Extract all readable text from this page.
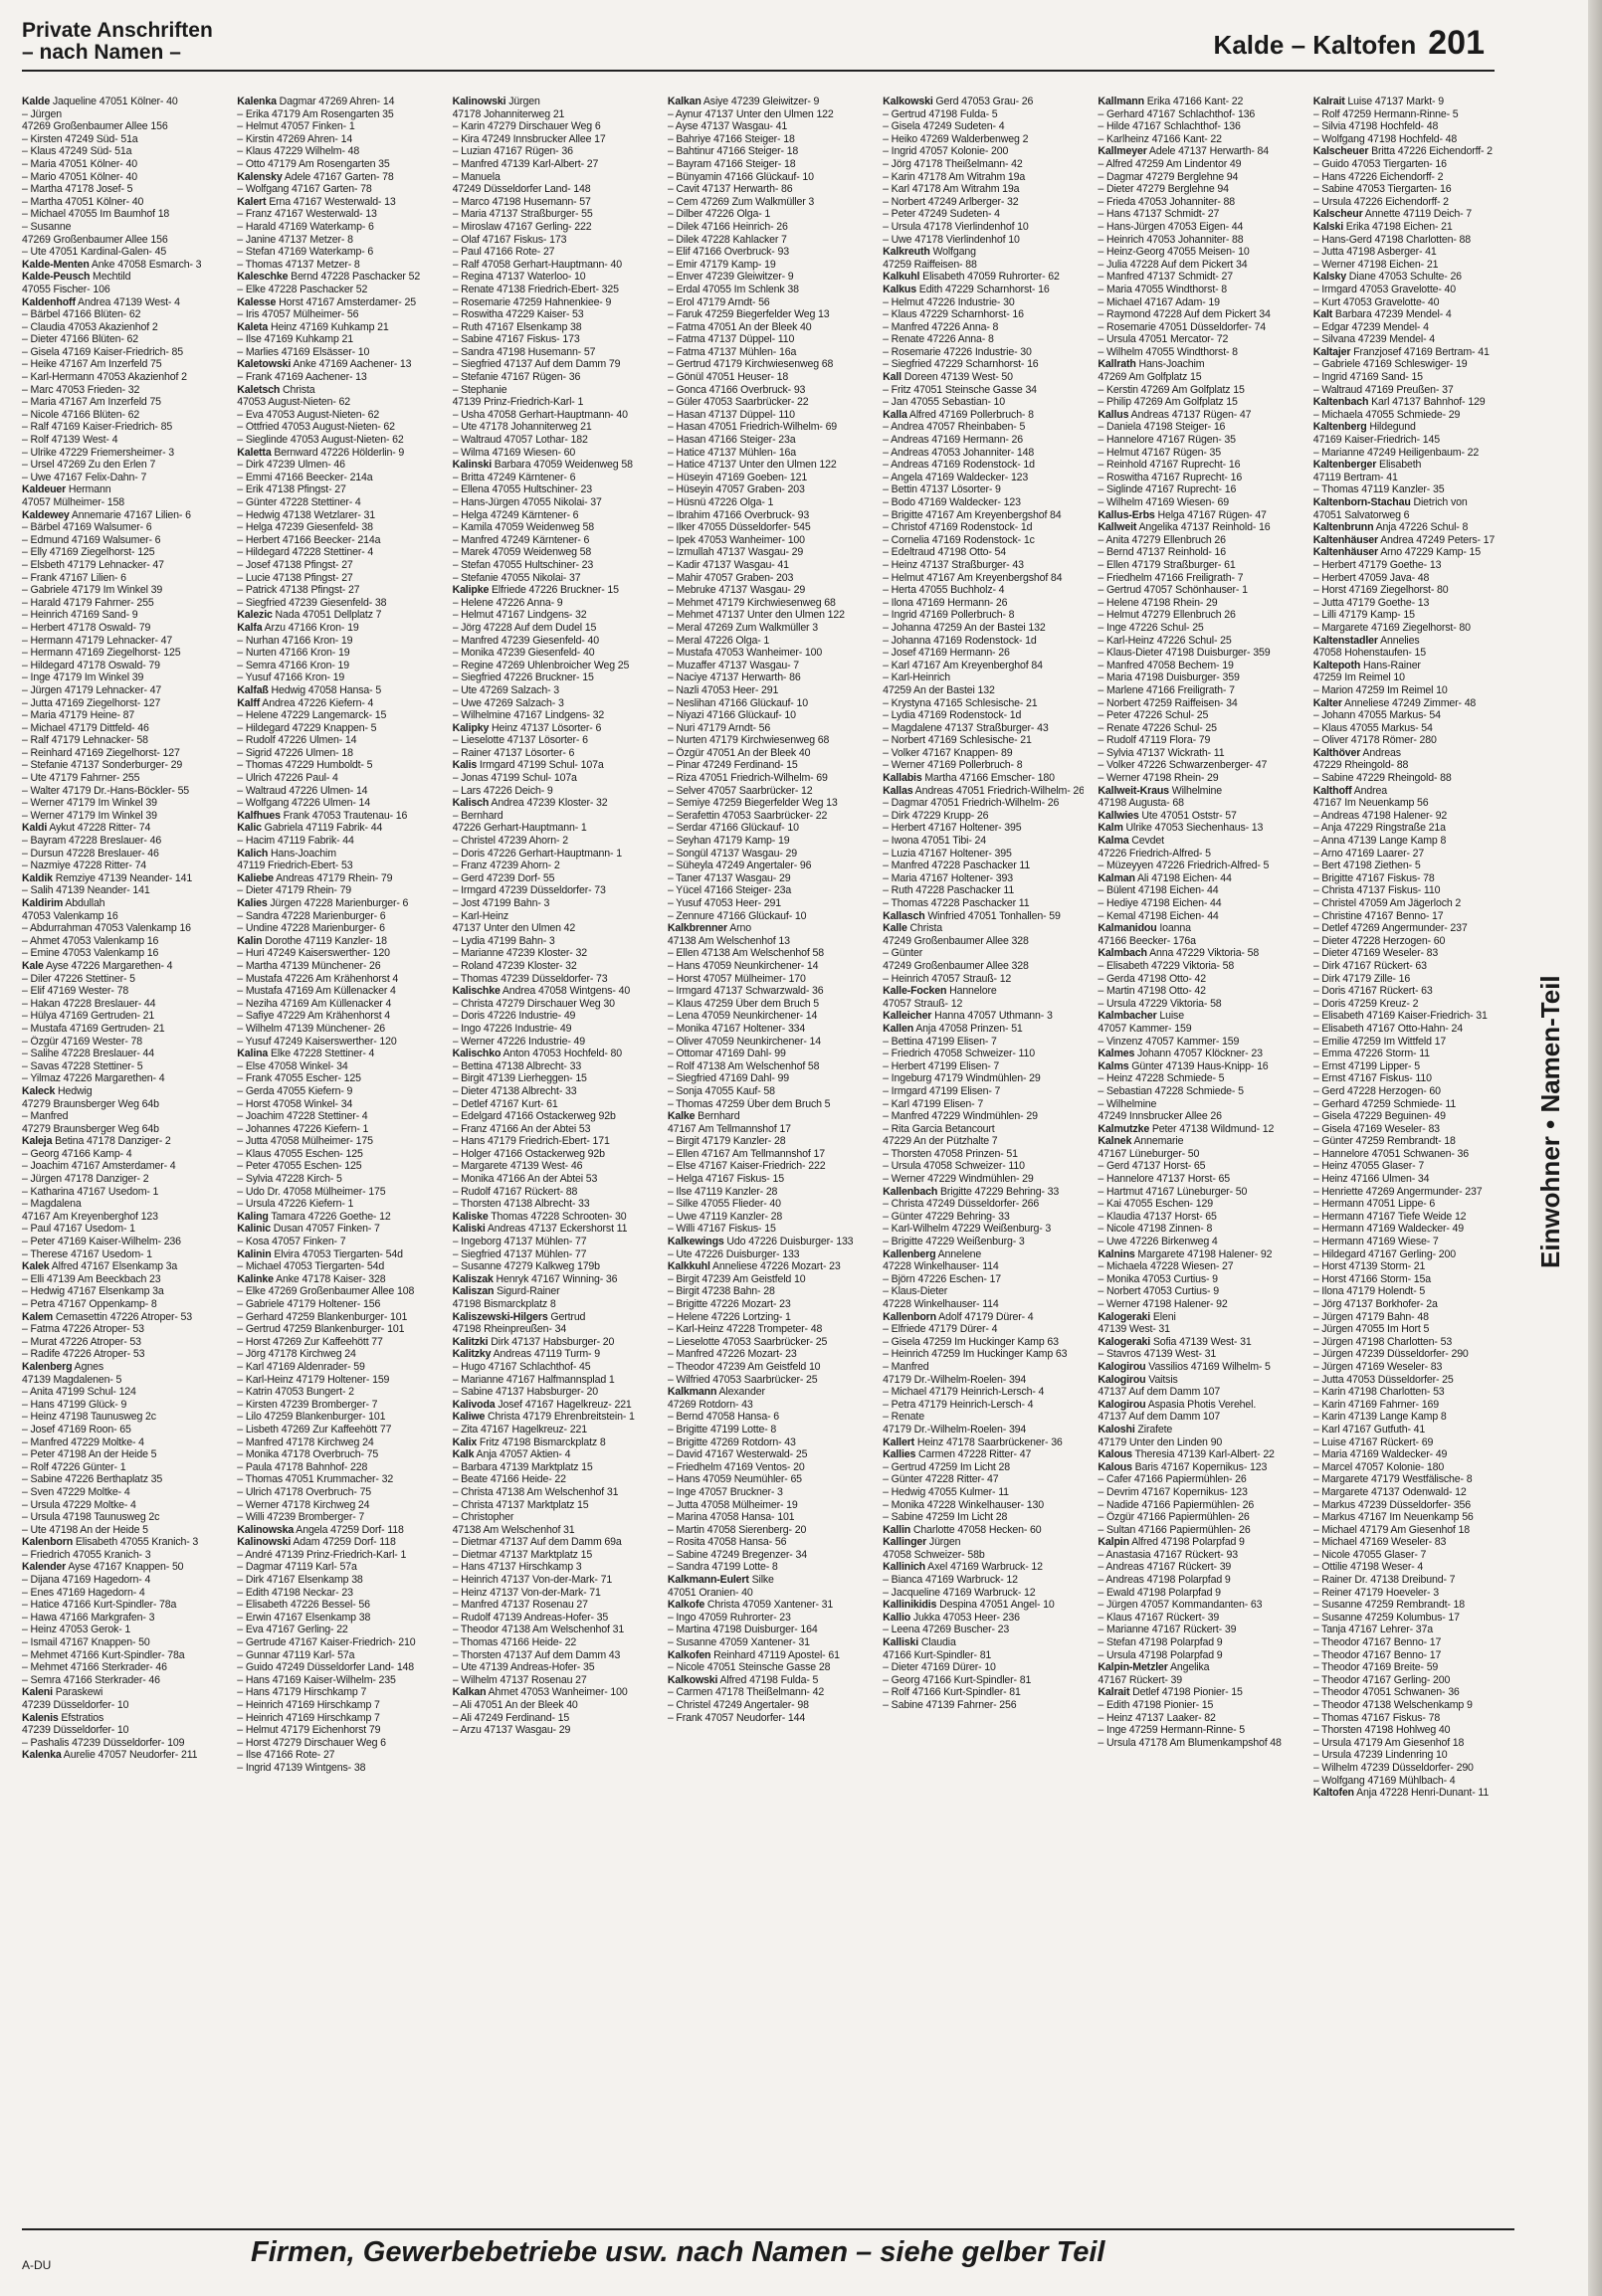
Private Anschriften
– nach Namen –	Kalde – Kaltofen 201
Kalde Jaqueline 47051 Kölner- 40
– Jürgen
47269 Großenbaumer Allee 156
– Kirsten 47249 Süd- 51a
– Klaus 47249 Süd- 51a
– Maria 47051 Kölner- 40
– Mario 47051 Kölner- 40
– Martha 47178 Josef- 5
– Martha 47051 Kölner- 40
– Michael 47055 Im Baumhof 18
– Susanne
47269 Großenbaumer Allee 156
– Ute 47051 Kardinal-Galen- 45
Kalde-Menten Anke 47058 Esmarch- 3
Kalde-Peusch Mechtild
47055 Fischer- 106
Kaldenhoff Andrea 47139 West- 4
– Bärbel 47166 Blüten- 62
– Claudia 47053 Akazienhof 2
– Dieter 47166 Blüten- 62
– Gisela 47169 Kaiser-Friedrich- 85
– Heike 47167 Am Inzerfeld 75
– Karl-Hermann 47053 Akazienhof 2
– Marc 47053 Frieden- 32
– Maria 47167 Am Inzerfeld 75
– Nicole 47166 Blüten- 62
– Ralf 47169 Kaiser-Friedrich- 85
– Rolf 47139 West- 4
– Ulrike 47229 Friemersheimer- 3
– Ursel 47269 Zu den Erlen 7
– Uwe 47167 Felix-Dahn- 7
Kaldeuer Hermann
47057 Mülheimer- 158
Kaldewey Annemarie 47167 Lilien- 6
– Bärbel 47169 Walsumer- 6
– Edmund 47169 Walsumer- 6
– Elly 47169 Ziegelhorst- 125
– Elsbeth 47179 Lehnacker- 47
– Frank 47167 Lilien- 6
– Gabriele 47179 Im Winkel 39
– Harald 47179 Fahrner- 255
– Heinrich 47169 Sand- 9
– Herbert 47178 Oswald- 79
– Hermann 47179 Lehnacker- 47
– Hermann 47169 Ziegelhorst- 125
– Hildegard 47178 Oswald- 79
– Inge 47179 Im Winkel 39
– Jürgen 47179 Lehnacker- 47
– Jutta 47169 Ziegelhorst- 127
– Maria 47179 Heine- 87
– Michael 47179 Dittfeld- 46
– Ralf 47179 Lehnacker- 58
– Reinhard 47169 Ziegelhorst- 127
– Stefanie 47137 Sonderburger- 29
– Ute 47179 Fahrner- 255
– Walter 47179 Dr.-Hans-Böckler- 55
– Werner 47179 Im Winkel 39
– Werner 47179 Im Winkel 39
Kaldi Aykut 47228 Ritter- 74
– Bayram 47228 Breslauer- 46
– Dursun 47228 Breslauer- 46
– Nazmiye 47228 Ritter- 74
Kaldik Remziye 47139 Neander- 141
– Salih 47139 Neander- 141
Kaldirim Abdullah
47053 Valenkamp 16
– Abdurrahman 47053 Valenkamp 16
– Ahmet 47053 Valenkamp 16
– Emine 47053 Valenkamp 16
Kale Ayse 47226 Margarethen- 4
– Diler 47226 Stettiner- 5
– Elif 47169 Wester- 78
– Hakan 47228 Breslauer- 44
– Hülya 47169 Gertruden- 21
– Mustafa 47169 Gertruden- 21
– Özgür 47169 Wester- 78
– Salihe 47228 Breslauer- 44
– Savas 47228 Stettiner- 5
– Yilmaz 47226 Margarethen- 4
Kaleck Hedwig
47279 Braunsberger Weg 64b
– Manfred
47279 Braunsberger Weg 64b
Kaleja Betina 47178 Danziger- 2
– Georg 47166 Kamp- 4
– Joachim 47167 Amsterdamer- 4
– Jürgen 47178 Danziger- 2
– Katharina 47167 Usedom- 1
– Magdalena
47167 Am Kreyenberghof 123
– Paul 47167 Usedom- 1
– Peter 47169 Kaiser-Wilhelm- 236
– Therese 47167 Usedom- 1
Kalek Alfred 47167 Elsenkamp 3a
– Elli 47139 Am Beeckbach 23
– Hedwig 47167 Elsenkamp 3a
– Petra 47167 Oppenkamp- 8
Kalem Cemasettin 47226 Atroper- 53
– Fatma 47226 Atroper- 53
– Murat 47226 Atroper- 53
– Radife 47226 Atroper- 53
Kalenberg Agnes
47139 Magdalenen- 5
– Anita 47199 Schul- 124
– Hans 47199 Glück- 9
– Heinz 47198 Taunusweg 2c
– Josef 47169 Roon- 65
– Manfred 47229 Moltke- 4
– Peter 47198 An der Heide 5
– Rolf 47226 Günter- 1
– Sabine 47226 Berthaplatz 35
– Sven 47229 Moltke- 4
– Ursula 47229 Moltke- 4
– Ursula 47198 Taunusweg 2c
– Ute 47198 An der Heide 5
Kalenborn Elisabeth 47055 Kranich- 3
– Friedrich 47055 Kranich- 3
Kalender Ayse 47167 Knappen- 50
– Dijana 47169 Hagedorn- 4
– Enes 47169 Hagedorn- 4
– Hatice 47166 Kurt-Spindler- 78a
– Hawa 47166 Markgrafen- 3
– Heinz 47053 Gerok- 1
– Ismail 47167 Knappen- 50
– Mehmet 47166 Kurt-Spindler- 78a
– Mehmet 47166 Sterkrader- 46
– Semra 47166 Sterkrader- 46
Kaleni Paraskewi
47239 Düsseldorfer- 10
Kalenis Efstratios
47239 Düsseldorfer- 10
– Pashalis 47239 Düsseldorfer- 109
Kalenka Aurelie 47057 Neudorfer- 211
Kalenka Dagmar 47269 Ahren- 14
– Erika 47179 Am Rosengarten 35
– Helmut 47057 Finken- 1
– Kirstin 47269 Ahren- 14
– Klaus 47229 Wilhelm- 48
– Otto 47179 Am Rosengarten 35
Kalensky Adele 47167 Garten- 78
– Wolfgang 47167 Garten- 78
Kalert Erna 47167 Westerwald- 13
– Franz 47167 Westerwald- 13
– Harald 47169 Waterkamp- 6
– Janine 47137 Metzer- 8
– Stefan 47169 Waterkamp- 6
– Thomas 47137 Metzer- 8
Kaleschke Bernd 47228 Paschacker 52
– Elke 47228 Paschacker 52
Kalesse Horst 47167 Amsterdamer- 25
– Iris 47057 Mülheimer- 56
Kaleta Heinz 47169 Kuhkamp 21
– Ilse 47169 Kuhkamp 21
– Marlies 47169 Elsässer- 10
Kaletowski Anke 47169 Aachener- 13
– Frank 47169 Aachener- 13
Kaletsch Christa
47053 August-Nieten- 62
– Eva 47053 August-Nieten- 62
– Ottfried 47053 August-Nieten- 62
– Sieglinde 47053 August-Nieten- 62
Kaletta Bernward 47226 Hölderlin- 9
– Dirk 47239 Ulmen- 46
– Emmi 47166 Beecker- 214a
– Erik 47138 Pfingst- 27
– Günter 47228 Stettiner- 4
– Hedwig 47138 Wetzlarer- 31
– Helga 47239 Giesenfeld- 38
– Herbert 47166 Beecker- 214a
– Hildegard 47228 Stettiner- 4
– Josef 47138 Pfingst- 27
– Lucie 47138 Pfingst- 27
– Patrick 47138 Pfingst- 27
– Siegfried 47239 Giesenfeld- 38
Kalezic Nada 47051 Dellplatz 7
Kalfa Arzu 47166 Kron- 19
– Nurhan 47166 Kron- 19
– Nurten 47166 Kron- 19
– Semra 47166 Kron- 19
– Yusuf 47166 Kron- 19
Kalfaß Hedwig 47058 Hansa- 5
Kalff Andrea 47226 Kiefern- 4
– Helene 47229 Langemarck- 15
– Hildegard 47229 Knappen- 5
– Rudolf 47226 Ulmen- 14
– Sigrid 47226 Ulmen- 18
– Thomas 47229 Humboldt- 5
– Ulrich 47226 Paul- 4
– Waltraud 47226 Ulmen- 14
– Wolfgang 47226 Ulmen- 14
Kalfhues Frank 47053 Trautenau- 16
Kalic Gabriela 47119 Fabrik- 44
– Hacim 47119 Fabrik- 44
Kalich Hans-Joachim
47119 Friedrich-Ebert- 53
Kaliebe Andreas 47179 Rhein- 79
– Dieter 47179 Rhein- 79
Kalies Jürgen 47228 Marienburger- 6
– Sandra 47228 Marienburger- 6
– Undine 47228 Marienburger- 6
Kalin Dorothe 47119 Kanzler- 18
– Huri 47249 Kaiserswerther- 120
– Martha 47139 Münchener- 26
– Mustafa 47226 Am Krähenhorst 4
– Mustafa 47169 Am Küllenacker 4
– Neziha 47169 Am Küllenacker 4
– Safiye 47229 Am Krähenhorst 4
– Wilhelm 47139 Münchener- 26
– Yusuf 47249 Kaiserswerther- 120
Kalina Elke 47228 Stettiner- 4
– Else 47058 Winkel- 34
– Frank 47055 Escher- 125
– Gerda 47055 Kiefern- 9
– Horst 47058 Winkel- 34
– Joachim 47228 Stettiner- 4
– Johannes 47226 Kiefern- 1
– Jutta 47058 Mülheimer- 175
– Klaus 47055 Eschen- 125
– Peter 47055 Eschen- 125
– Sylvia 47228 Kirch- 5
– Udo Dr. 47058 Mülheimer- 175
– Ursula 47226 Kiefern- 1
Kaling Tamara 47226 Goethe- 12
Kalinic Dusan 47057 Finken- 7
– Kosa 47057 Finken- 7
Kalinin Elvira 47053 Tiergarten- 54d
– Michael 47053 Tiergarten- 54d
Kalinke Anke 47178 Kaiser- 328
– Elke 47269 Großenbaumer Allee 108
– Gabriele 47179 Holtener- 156
– Gerhard 47259 Blankenburger- 101
– Gertrud 47259 Blankenburger- 101
– Horst 47269 Zur Kaffeehött 77
– Jörg 47178 Kirchweg 24
– Karl 47169 Aldenrader- 59
– Karl-Heinz 47179 Holtener- 159
– Katrin 47053 Bungert- 2
– Kirsten 47239 Bromberger- 7
– Lilo 47259 Blankenburger- 101
– Lisbeth 47269 Zur Kaffeehött 77
– Manfred 47178 Kirchweg 24
– Monika 47178 Overbruch- 75
– Paula 47178 Bahnhof- 228
– Thomas 47051 Krummacher- 32
– Ulrich 47178 Overbruch- 75
– Werner 47178 Kirchweg 24
– Willi 47239 Bromberger- 7
Kalinowska Angela 47259 Dorf- 118
Kalinowski Adam 47259 Dorf- 118
– André 47139 Prinz-Friedrich-Karl- 1
– Dagmar 47119 Karl- 57a
– Dirk 47167 Elsenkamp 38
– Edith 47198 Neckar- 23
– Elisabeth 47226 Bessel- 56
– Erwin 47167 Elsenkamp 38
– Eva 47167 Gerling- 22
– Gertrude 47167 Kaiser-Friedrich- 210
– Gunnar 47119 Karl- 57a
– Guido 47249 Düsseldorfer Land- 148
– Hans 47169 Kaiser-Wilhelm- 235
– Hans 47179 Hirschkamp 7
– Heinrich 47169 Hirschkamp 7
– Heinrich 47169 Hirschkamp 7
– Helmut 47179 Eichenhorst 79
– Horst 47279 Dirschauer Weg 6
– Ilse 47166 Rote- 27
– Ingrid 47139 Wintgens- 38
Kalinowski Jürgen
47178 Johanniterweg 21
– Karin 47279 Dirschauer Weg 6
– Kira 47249 Innsbrucker Allee 17
– Luzian 47167 Rügen- 36
– Manfred 47139 Karl-Albert- 27
– Manuela
47249 Düsseldorfer Land- 148
– Marco 47198 Husemann- 57
– Maria 47137 Straßburger- 55
– Miroslaw 47167 Gerling- 222
– Olaf 47167 Fiskus- 173
– Paul 47166 Rote- 27
– Ralf 47058 Gerhart-Hauptmann- 40
– Regina 47137 Waterloo- 10
– Renate 47138 Friedrich-Ebert- 325
– Rosemarie 47259 Hahnenkiee- 9
– Roswitha 47229 Kaiser- 53
– Ruth 47167 Elsenkamp 38
– Sabine 47167 Fiskus- 173
– Sandra 47198 Husemann- 57
– Siegfried 47137 Auf dem Damm 79
– Stefanie 47167 Rügen- 36
– Stephanie
47139 Prinz-Friedrich-Karl- 1
– Usha 47058 Gerhart-Hauptmann- 40
– Ute 47178 Johanniterweg 21
– Waltraud 47057 Lothar- 182
– Wilma 47169 Wiesen- 60
Kalinski Barbara 47059 Weidenweg 58
– Britta 47249 Kärntener- 6
– Ellena 47055 Hultschiner- 23
– Hans-Jürgen 47055 Nikolai- 37
– Helga 47249 Kärntener- 6
– Kamila 47059 Weidenweg 58
– Manfred 47249 Kärntener- 6
– Marek 47059 Weidenweg 58
– Stefan 47055 Hultschiner- 23
– Stefanie 47055 Nikolai- 37
Kalipke Elfriede 47226 Bruckner- 15
– Helene 47226 Anna- 9
– Helmut 47167 Lindgens- 32
– Jörg 47228 Auf dem Dudel 15
– Manfred 47239 Giesenfeld- 40
– Monika 47239 Giesenfeld- 40
– Regine 47269 Uhlenbroicher Weg 25
– Siegfried 47226 Bruckner- 15
– Ute 47269 Salzach- 3
– Uwe 47269 Salzach- 3
– Wilhelmine 47167 Lindgens- 32
Kalipky Heinz 47137 Lösorter- 6
– Lieselotte 47137 Lösorter- 6
– Rainer 47137 Lösorter- 6
Kalis Irmgard 47199 Schul- 107a
– Jonas 47199 Schul- 107a
– Lars 47226 Deich- 9
Kalisch Andrea 47239 Kloster- 32
– Bernhard
47226 Gerhart-Hauptmann- 1
– Christel 47239 Ahorn- 2
– Doris 47226 Gerhart-Hauptmann- 1
– Franz 47239 Ahorn- 2
– Gerd 47239 Dorf- 55
– Irmgard 47239 Düsseldorfer- 73
– Jost 47199 Bahn- 3
– Karl-Heinz
47137 Unter den Ulmen 42
– Lydia 47199 Bahn- 3
– Marianne 47239 Kloster- 32
– Roland 47239 Kloster- 32
– Thomas 47239 Düsseldorfer- 73
Kalischke Andrea 47058 Wintgens- 40
– Christa 47279 Dirschauer Weg 30
– Doris 47226 Industrie- 49
– Ingo 47226 Industrie- 49
– Werner 47226 Industrie- 49
Kalischko Anton 47053 Hochfeld- 80
– Bettina 47138 Albrecht- 33
– Birgit 47139 Lierheggen- 15
– Dieter 47138 Albrecht- 33
– Detlef 47167 Kurt- 61
– Edelgard 47166 Ostackerweg 92b
– Franz 47166 An der Abtei 53
– Hans 47179 Friedrich-Ebert- 171
– Holger 47166 Ostackerweg 92b
– Margarete 47139 West- 46
– Monika 47166 An der Abtei 53
– Rudolf 47167 Rückert- 88
– Thorsten 47138 Albrecht- 33
Kaliske Thomas 47228 Schrooten- 30
Kaliski Andreas 47137 Eckershorst 11
– Ingeborg 47137 Mühlen- 77
– Siegfried 47137 Mühlen- 77
– Susanne 47279 Kalkweg 179b
Kaliszak Henryk 47167 Winning- 36
Kaliszan Sigurd-Rainer
47198 Bismarckplatz 8
Kaliszewski-Hilgers Gertrud
47198 Rheinpreußen- 34
Kalitzki Dirk 47137 Habsburger- 20
Kalitzky Andreas 47119 Turm- 9
– Hugo 47167 Schlachthof- 45
– Marianne 47167 Halfmannsplad 1
– Sabine 47137 Habsburger- 20
Kalivoda Josef 47167 Hagelkreuz- 221
Kaliwe Christa 47179 Ehrenbreitstein- 1
– Zita 47167 Hagelkreuz- 221
Kalix Fritz 47198 Bismarckplatz 8
Kalk Anja 47057 Aktien- 4
– Barbara 47139 Marktplatz 15
– Beate 47166 Heide- 22
– Christa 47138 Am Welschenhof 31
– Christa 47137 Marktplatz 15
– Christopher
47138 Am Welschenhof 31
– Dietmar 47137 Auf dem Damm 69a
– Dietmar 47137 Marktplatz 15
– Hans 47137 Hirschkamp 3
– Heinrich 47137 Von-der-Mark- 71
– Heinz 47137 Von-der-Mark- 71
– Manfred 47137 Rosenau 27
– Rudolf 47139 Andreas-Hofer- 35
– Theodor 47138 Am Welschenhof 31
– Thomas 47166 Heide- 22
– Thorsten 47137 Auf dem Damm 43
– Ute 47139 Andreas-Hofer- 35
– Wilhelm 47137 Rosenau 27
Kalkan Ahmet 47053 Wanheimer- 100
– Ali 47051 An der Bleek 40
– Ali 47249 Ferdinand- 15
– Arzu 47137 Wasgau- 29
Kalkan Asiye 47239 Gleiwitzer- 9
– Aynur 47137 Unter den Ulmen 122
– Ayse 47137 Wasgau- 41
– Bahriye 47166 Steiger- 18
– Bahtinur 47166 Steiger- 18
– Bayram 47166 Steiger- 18
– Bünyamin 47166 Glückauf- 10
– Cavit 47137 Herwarth- 86
– Cem 47269 Zum Walkmüller 3
– Dilber 47226 Olga- 1
– Dilek 47166 Heinrich- 26
– Dilek 47228 Kahlacker 7
– Elif 47166 Overbruck- 93
– Emir 47179 Kamp- 19
– Enver 47239 Gleiwitzer- 9
– Erdal 47055 Im Schlenk 38
– Erol 47179 Arndt- 56
– Faruk 47259 Biegerfelder Weg 13
– Fatma 47051 An der Bleek 40
– Fatma 47137 Düppel- 110
– Fatma 47137 Mühlen- 16a
– Gertrud 47179 Kirchwiesenweg 68
– Gönül 47051 Heuser- 18
– Gonca 47166 Overbruck- 93
– Güler 47053 Saarbrücker- 22
– Hasan 47137 Düppel- 110
– Hasan 47051 Friedrich-Wilhelm- 69
– Hasan 47166 Steiger- 23a
– Hatice 47137 Mühlen- 16a
– Hatice 47137 Unter den Ulmen 122
– Hüseyin 47169 Goeben- 121
– Hüseyin 47057 Graben- 203
– Hüsnü 47226 Olga- 1
– Ibrahim 47166 Overbruck- 93
– Ilker 47055 Düsseldorfer- 545
– Ipek 47053 Wanheimer- 100
– Izmullah 47137 Wasgau- 29
– Kadir 47137 Wasgau- 41
– Mahir 47057 Graben- 203
– Mebruke 47137 Wasgau- 29
– Mehmet 47179 Kirchwiesenweg 68
– Mehmet 47137 Unter den Ulmen 122
– Meral 47269 Zum Walkmüller 3
– Meral 47226 Olga- 1
– Mustafa 47053 Wanheimer- 100
– Muzaffer 47137 Wasgau- 7
– Naciye 47137 Herwarth- 86
– Nazli 47053 Heer- 291
– Neslihan 47166 Glückauf- 10
– Niyazi 47166 Glückauf- 10
– Nuri 47179 Arndt- 56
– Nurten 47179 Kirchwiesenweg 68
– Özgür 47051 An der Bleek 40
– Pinar 47249 Ferdinand- 15
– Riza 47051 Friedrich-Wilhelm- 69
– Selver 47057 Saarbrücker- 12
– Semiye 47259 Biegerfelder Weg 13
– Serafettin 47053 Saarbrücker- 22
– Serdar 47166 Glückauf- 10
– Seyhan 47179 Kamp- 19
– Songül 47137 Wasgau- 29
– Süheyla 47249 Angertaler- 96
– Taner 47137 Wasgau- 29
– Yücel 47166 Steiger- 23a
– Yusuf 47053 Heer- 291
– Zennure 47166 Glückauf- 10
Kalkbrenner Arno
47138 Am Welschenhof 13
– Ellen 47138 Am Welschenhof 58
– Hans 47059 Neunkirchener- 14
– Horst 47057 Mülheimer- 170
– Irmgard 47137 Schwarzwald- 36
– Klaus 47259 Über dem Bruch 5
– Lena 47059 Neunkirchener- 14
– Monika 47167 Holtener- 334
– Oliver 47059 Neunkirchener- 14
– Ottomar 47169 Dahl- 99
– Rolf 47138 Am Welschenhof 58
– Siegfried 47169 Dahl- 99
– Sonja 47055 Kauf- 58
– Thomas 47259 Über dem Bruch 5
Kalke Bernhard
47167 Am Tellmannshof 17
– Birgit 47179 Kanzler- 28
– Ellen 47167 Am Tellmannshof 17
– Else 47167 Kaiser-Friedrich- 222
– Helga 47167 Fiskus- 15
– Ilse 47119 Kanzler- 28
– Silke 47055 Flieder- 40
– Uwe 47119 Kanzler- 28
– Willi 47167 Fiskus- 15
Kalkewings Udo 47226 Duisburger- 133
– Ute 47226 Duisburger- 133
Kalkkuhl Anneliese 47226 Mozart- 23
– Birgit 47239 Am Geistfeld 10
– Birgit 47238 Bahn- 28
– Brigitte 47226 Mozart- 23
– Helene 47226 Lortzing- 1
– Karl-Heinz 47228 Trompeter- 48
– Lieselotte 47053 Saarbrücker- 25
– Manfred 47226 Mozart- 23
– Theodor 47239 Am Geistfeld 10
– Wilfried 47053 Saarbrücker- 25
Kalkmann Alexander
47269 Rotdorn- 43
– Bernd 47058 Hansa- 6
– Brigitte 47199 Lotte- 8
– Brigitte 47269 Rotdorn- 43
– David 47167 Westerwald- 25
– Friedhelm 47169 Ventos- 20
– Hans 47059 Neumühler- 65
– Inge 47057 Bruckner- 3
– Jutta 47058 Mülheimer- 19
– Marina 47058 Hansa- 101
– Martin 47058 Sierenberg- 20
– Rosita 47058 Hansa- 56
– Sabine 47249 Bregenzer- 34
– Sandra 47199 Lotte- 8
Kalkmann-Eulert Silke
47051 Oranien- 40
Kalkofe Christa 47059 Xantener- 31
– Ingo 47059 Ruhrorter- 23
– Martina 47198 Duisburger- 164
– Susanne 47059 Xantener- 31
Kalkofen Reinhard 47119 Apostel- 61
– Nicole 47051 Steinsche Gasse 28
Kalkowski Alfred 47198 Fulda- 5
– Carmen 47178 Theißelmann- 42
– Christel 47249 Angertaler- 98
– Frank 47057 Neudorfer- 144
Kalkowski Gerd 47053 Grau- 26
– Gertrud 47198 Fulda- 5
– Gisela 47249 Sudeten- 4
– Heiko 47269 Walderbenweg 2
– Ingrid 47057 Kolonie- 200
– Jörg 47178 Theißelmann- 42
– Karin 47178 Am Witrahm 19a
– Karl 47178 Am Witrahm 19a
– Norbert 47249 Arlberger- 32
– Peter 47249 Sudeten- 4
– Ursula 47178 Vierlindenhof 10
– Uwe 47178 Vierlindenhof 10
Kalkreuth Wolfgang
47259 Raiffeisen- 88
Kalkuhl Elisabeth 47059 Ruhrorter- 62
Kalkus Edith 47229 Scharnhorst- 16
– Helmut 47226 Industrie- 30
– Klaus 47229 Scharnhorst- 16
– Manfred 47226 Anna- 8
– Renate 47226 Anna- 8
– Rosemarie 47226 Industrie- 30
– Siegfried 47229 Scharnhorst- 16
Kall Doreen 47139 West- 50
– Fritz 47051 Steinsche Gasse 34
– Jan 47055 Sebastian- 10
Kalla Alfred 47169 Pollerbruch- 8
– Andrea 47057 Rheinbaben- 5
– Andreas 47169 Hermann- 26
– Andreas 47053 Johanniter- 148
– Andreas 47169 Rodenstock- 1d
– Angela 47169 Waldecker- 123
– Bettin 47137 Lösorter- 9
– Bodo 47169 Waldecker- 123
– Brigitte 47167 Am Kreyenbergshof 84
– Christof 47169 Rodenstock- 1d
– Cornelia 47169 Rodenstock- 1c
– Edeltraud 47198 Otto- 54
– Heinz 47137 Straßburger- 43
– Helmut 47167 Am Kreyenbergshof 84
– Herta 47055 Buchholz- 4
– Ilona 47169 Hermann- 26
– Ingrid 47169 Pollerbruch- 8
– Johanna 47259 An der Bastei 132
– Johanna 47169 Rodenstock- 1d
– Josef 47169 Hermann- 26
– Karl 47167 Am Kreyenberghof 84
– Karl-Heinrich
47259 An der Bastei 132
– Krystyna 47165 Schlesische- 21
– Lydia 47169 Rodenstock- 1d
– Magdalene 47137 Straßburger- 43
– Norbert 47169 Schlesische- 21
– Volker 47167 Knappen- 89
– Werner 47169 Pollerbruch- 8
Kallabis Martha 47166 Emscher- 180
Kallas Andreas 47051 Friedrich-Wilhelm- 26
– Dagmar 47051 Friedrich-Wilhelm- 26
– Dirk 47229 Krupp- 26
– Herbert 47167 Holtener- 395
– Iwona 47051 Tibi- 24
– Luzia 47167 Holtener- 395
– Manfred 47228 Paschacker 11
– Maria 47167 Holtener- 393
– Ruth 47228 Paschacker 11
– Thomas 47228 Paschacker 11
Kallasch Winfried 47051 Tonhallen- 59
Kalle Christa
47249 Großenbaumer Allee 328
– Günter
47249 Großenbaumer Allee 328
– Heinrich 47057 Strauß- 12
Kalle-Focken Hannelore
47057 Strauß- 12
Kalleicher Hanna 47057 Uthmann- 3
Kallen Anja 47058 Prinzen- 51
– Bettina 47199 Elisen- 7
– Friedrich 47058 Schweizer- 110
– Herbert 47199 Elisen- 7
– Ingeburg 47179 Windmühlen- 29
– Irmgard 47199 Elisen- 7
– Karl 47199 Elisen- 7
– Manfred 47229 Windmühlen- 29
– Rita Garcia Betancourt
47229 An der Pützhalte 7
– Thorsten 47058 Prinzen- 51
– Ursula 47058 Schweizer- 110
– Werner 47229 Windmühlen- 29
Kallenbach Brigitte 47229 Behring- 33
– Christa 47249 Düsseldorfer- 266
– Günter 47229 Behring- 33
– Karl-Wilhelm 47229 Weißenburg- 3
– Brigitte 47229 Weißenburg- 3
Kallenberg Annelene
47228 Winkelhauser- 114
– Björn 47226 Eschen- 17
– Klaus-Dieter
47228 Winkelhauser- 114
Kallenborn Adolf 47179 Dürer- 4
– Elfriede 47179 Dürer- 4
– Gisela 47259 Im Huckinger Kamp 63
– Heinrich 47259 Im Huckinger Kamp 63
– Manfred
47179 Dr.-Wilhelm-Roelen- 394
– Michael 47179 Heinrich-Lersch- 4
– Petra 47179 Heinrich-Lersch- 4
– Renate
47179 Dr.-Wilhelm-Roelen- 394
Kallert Heinz 47178 Saarbrückener- 36
Kallies Carmen 47228 Ritter- 47
– Gertrud 47259 Im Licht 28
– Günter 47228 Ritter- 47
– Hedwig 47055 Kulmer- 11
– Monika 47228 Winkelhauser- 130
– Sabine 47259 Im Licht 28
Kallin Charlotte 47058 Hecken- 60
Kallinger Jürgen
47058 Schweizer- 58b
Kallinich Axel 47169 Warbruck- 12
– Bianca 47169 Warbruck- 12
– Jacqueline 47169 Warbruck- 12
Kallinikidis Despina 47051 Angel- 10
Kallio Jukka 47053 Heer- 236
– Leena 47269 Buscher- 23
Kalliski Claudia
47166 Kurt-Spindler- 81
– Dieter 47169 Dürer- 10
– Georg 47166 Kurt-Spindler- 81
– Rolf 47166 Kurt-Spindler- 81
– Sabine 47139 Fahrner- 256
Kallmann Erika 47166 Kant- 22
– Gerhard 47167 Schlachthof- 136
– Hilde 47167 Schlachthof- 136
– Karlheinz 47166 Kant- 22
Kallmeyer Adele 47137 Herwarth- 84
– Alfred 47259 Am Lindentor 49
– Dagmar 47279 Berglehne 94
– Dieter 47279 Berglehne 94
– Frieda 47053 Johanniter- 88
– Hans 47137 Schmidt- 27
– Hans-Jürgen 47053 Eigen- 44
– Heinrich 47053 Johanniter- 88
– Heinz-Georg 47055 Meisen- 10
– Julia 47228 Auf dem Pickert 34
– Manfred 47137 Schmidt- 27
– Maria 47055 Windthorst- 8
– Michael 47167 Adam- 19
– Raymond 47228 Auf dem Pickert 34
– Rosemarie 47051 Düsseldorfer- 74
– Ursula 47051 Mercator- 72
– Wilhelm 47055 Windthorst- 8
Kallrath Hans-Joachim
47269 Am Golfplatz 15
– Kerstin 47269 Am Golfplatz 15
– Philip 47269 Am Golfplatz 15
Kallus Andreas 47137 Rügen- 47
– Daniela 47198 Steiger- 16
– Hannelore 47167 Rügen- 35
– Helmut 47167 Rügen- 35
– Reinhold 47167 Ruprecht- 16
– Roswitha 47167 Ruprecht- 16
– Siglinde 47167 Ruprecht- 16
– Wilhelm 47169 Wiesen- 69
Kallus-Erbs Helga 47167 Rügen- 47
Kallweit Angelika 47137 Reinhold- 16
– Anita 47279 Ellenbruch 26
– Bernd 47137 Reinhold- 16
– Ellen 47179 Straßburger- 61
– Friedhelm 47166 Freiligrath- 7
– Gertrud 47057 Schönhauser- 1
– Helene 47198 Rhein- 29
– Helmut 47279 Ellenbruch 26
– Inge 47226 Schul- 25
– Karl-Heinz 47226 Schul- 25
– Klaus-Dieter 47198 Duisburger- 359
– Manfred 47058 Bechem- 19
– Maria 47198 Duisburger- 359
– Marlene 47166 Freiligrath- 7
– Norbert 47259 Raiffeisen- 34
– Peter 47226 Schul- 25
– Renate 47226 Schul- 25
– Rudolf 47119 Flora- 79
– Sylvia 47137 Wickrath- 11
– Volker 47226 Schwarzenberger- 47
– Werner 47198 Rhein- 29
Kallweit-Kraus Wilhelmine
47198 Augusta- 68
Kallwies Ute 47051 Oststr- 57
Kalm Ulrike 47053 Siechenhaus- 13
Kalma Cevdet
47226 Friedrich-Alfred- 5
– Müzeyyen 47226 Friedrich-Alfred- 5
Kalman Ali 47198 Eichen- 44
– Bülent 47198 Eichen- 44
– Hediye 47198 Eichen- 44
– Kemal 47198 Eichen- 44
Kalmanidou Ioanna
47166 Beecker- 176a
Kalmbach Anna 47229 Viktoria- 58
– Elisabeth 47229 Viktoria- 58
– Gerda 47198 Otto- 42
– Martin 47198 Otto- 42
– Ursula 47229 Viktoria- 58
Kalmbacher Luise
47057 Kammer- 159
– Vinzenz 47057 Kammer- 159
Kalmes Johann 47057 Klöckner- 23
Kalms Günter 47139 Haus-Knipp- 16
– Heinz 47228 Schmiede- 5
– Sebastian 47228 Schmiede- 5
– Wilhelmine
47249 Innsbrucker Allee 26
Kalmutzke Peter 47138 Wildmund- 12
Kalnek Annemarie
47167 Lüneburger- 50
– Gerd 47137 Horst- 65
– Hannelore 47137 Horst- 65
– Hartmut 47167 Lüneburger- 50
– Kai 47055 Eschen- 129
– Klaudia 47137 Horst- 65
– Nicole 47198 Zinnen- 8
– Uwe 47226 Birkenweg 4
Kalnins Margarete 47198 Halener- 92
– Michaela 47228 Wiesen- 27
– Monika 47053 Curtius- 9
– Norbert 47053 Curtius- 9
– Werner 47198 Halener- 92
Kalogeraki Eleni
47139 West- 31
Kalogeraki Sofia 47139 West- 31
– Stavros 47139 West- 31
Kalogirou Vassilios 47169 Wilhelm- 5
Kalogirou Vaitsis
47137 Auf dem Damm 107
Kalogirou Aspasia Photis Verehel.
47137 Auf dem Damm 107
Kaloshi Zirafete
47179 Unter den Linden 90
Kalous Theresia 47139 Karl-Albert- 22
Kalous Baris 47167 Kopernikus- 123
– Cafer 47166 Papiermühlen- 26
– Devrim 47167 Kopernikus- 123
– Nadide 47166 Papiermühlen- 26
– Özgür 47166 Papiermühlen- 26
– Sultan 47166 Papiermühlen- 26
Kalpin Alfred 47198 Polarpfad 9
– Anastasia 47167 Rückert- 93
– Andreas 47167 Rückert- 39
– Andreas 47198 Polarpfad 9
– Ewald 47198 Polarpfad 9
– Jürgen 47057 Kommandanten- 63
– Klaus 47167 Rückert- 39
– Marianne 47167 Rückert- 39
– Stefan 47198 Polarpfad 9
– Ursula 47198 Polarpfad 9
Kalpin-Metzler Angelika
47167 Rückert- 39
Kalrait Detlef 47198 Pionier- 15
– Edith 47198 Pionier- 15
– Heinz 47137 Laaker- 82
– Inge 47259 Hermann-Rinne- 5
– Ursula 47178 Am Blumenkampshof 48
Kalrait Luise 47137 Markt- 9
– Rolf 47259 Hermann-Rinne- 5
– Silvia 47198 Hochfeld- 48
– Wolfgang 47198 Hochfeld- 48
Kalscheuer Britta 47226 Eichendorff- 2
– Guido 47053 Tiergarten- 16
– Hans 47226 Eichendorff- 2
– Sabine 47053 Tiergarten- 16
– Ursula 47226 Eichendorff- 2
Kalscheur Annette 47119 Deich- 7
Kalski Erika 47198 Eichen- 21
– Hans-Gerd 47198 Charlotten- 88
– Jutta 47198 Asberger- 41
– Werner 47198 Eichen- 21
Kalsky Diane 47053 Schulte- 26
– Irmgard 47053 Gravelotte- 40
– Kurt 47053 Gravelotte- 40
Kalt Barbara 47239 Mendel- 4
– Edgar 47239 Mendel- 4
– Silvana 47239 Mendel- 4
Kaltajer Franzjosef 47169 Bertram- 41
– Gabriele 47169 Schleswiger- 19
– Ingrid 47169 Sand- 15
– Waltraud 47169 Preußen- 37
Kaltenbach Karl 47137 Bahnhof- 129
– Michaela 47055 Schmiede- 29
Kaltenberg Hildegund
47169 Kaiser-Friedrich- 145
– Marianne 47249 Heiligenbaum- 22
Kaltenberger Elisabeth
47119 Bertram- 41
– Thomas 47119 Kanzler- 35
Kaltenborn-Stachau Dietrich von
47051 Salvatorweg 6
Kaltenbrunn Anja 47226 Schul- 8
Kaltenhäuser Andrea 47249 Peters- 17
Kaltenhäuser Arno 47229 Kamp- 15
– Herbert 47179 Goethe- 13
– Herbert 47059 Java- 48
– Horst 47169 Ziegelhorst- 80
– Jutta 47179 Goethe- 13
– Lilli 47179 Kamp- 15
– Margarete 47169 Ziegelhorst- 80
Kaltenstadler Annelies
47058 Hohenstaufen- 15
Kaltepoth Hans-Rainer
47259 Im Reimel 10
– Marion 47259 Im Reimel 10
Kalter Anneliese 47249 Zimmer- 48
– Johann 47055 Markus- 54
– Klaus 47055 Markus- 54
– Oliver 47178 Römer- 280
Kalthöver Andreas
47229 Rheingold- 88
– Sabine 47229 Rheingold- 88
Kalthoff Andrea
47167 Im Neuenkamp 56
– Andreas 47198 Halener- 92
– Anja 47229 Ringstraße 21a
– Anna 47139 Lange Kamp 8
– Arno 47169 Laarer- 27
– Bert 47198 Ziethen- 5
– Brigitte 47167 Fiskus- 78
– Christa 47137 Fiskus- 110
– Christel 47059 Am Jägerloch 2
– Christine 47167 Benno- 17
– Detlef 47269 Angermunder- 237
– Dieter 47228 Herzogen- 60
– Dieter 47169 Weseler- 83
– Dirk 47167 Rückert- 63
– Dirk 47179 Zille- 16
– Doris 47167 Rückert- 63
– Doris 47259 Kreuz- 2
– Elisabeth 47169 Kaiser-Friedrich- 31
– Elisabeth 47167 Otto-Hahn- 24
– Emilie 47259 Im Wittfeld 17
– Emma 47226 Storm- 11
– Ernst 47199 Lipper- 5
– Ernst 47167 Fiskus- 110
– Gerd 47228 Herzogen- 60
– Gerhard 47259 Schmiede- 11
– Gisela 47229 Beguinen- 49
– Gisela 47169 Weseler- 83
– Günter 47259 Rembrandt- 18
– Hannelore 47051 Schwanen- 36
– Heinz 47055 Glaser- 7
– Heinz 47166 Ulmen- 34
– Henriette 47269 Angermunder- 237
– Hermann 47051 Lippe- 6
– Hermann 47167 Tiefe Weide 12
– Hermann 47169 Waldecker- 49
– Hermann 47169 Wiese- 7
– Hildegard 47167 Gerling- 200
– Horst 47139 Storm- 21
– Horst 47166 Storm- 15a
– Ilona 47179 Holendt- 5
– Jörg 47137 Borkhofer- 2a
– Jürgen 47179 Bahn- 48
– Jürgen 47055 Im Hort 5
– Jürgen 47198 Charlotten- 53
– Jürgen 47239 Düsseldorfer- 290
– Jürgen 47169 Weseler- 83
– Jutta 47053 Düsseldorfer- 25
– Karin 47198 Charlotten- 53
– Karin 47169 Fahrner- 169
– Karin 47139 Lange Kamp 8
– Karl 47167 Gutfuth- 41
– Luise 47167 Rückert- 69
– Maria 47169 Waldecker- 49
– Marcel 47057 Kolonie- 180
– Margarete 47179 Westfälische- 8
– Margarete 47137 Odenwald- 12
– Markus 47239 Düsseldorfer- 356
– Markus 47167 Im Neuenkamp 56
– Michael 47179 Am Giesenhof 18
– Michael 47169 Weseler- 83
– Nicole 47055 Glaser- 7
– Ottilie 47198 Weser- 4
– Rainer Dr. 47138 Dreibund- 7
– Reiner 47179 Hoeveler- 3
– Susanne 47259 Rembrandt- 18
– Susanne 47259 Kolumbus- 17
– Tanja 47167 Lehrer- 37a
– Theodor 47167 Benno- 17
– Theodor 47167 Benno- 17
– Theodor 47169 Breite- 59
– Theodor 47167 Gerling- 200
– Theodor 47051 Schwanen- 36
– Theodor 47138 Welschenkamp 9
– Thomas 47167 Fiskus- 78
– Thorsten 47198 Hohlweg 40
– Ursula 47179 Am Giesenhof 18
– Ursula 47239 Lindenring 10
– Wilhelm 47239 Düsseldorfer- 290
– Wolfgang 47169 Mühlbach- 4
Kaltofen Anja 47228 Henri-Dunant- 11
Einwohner • Namen-Teil
A-DU	Firmen, Gewerbebetriebe usw. nach Namen – siehe gelber Teil
